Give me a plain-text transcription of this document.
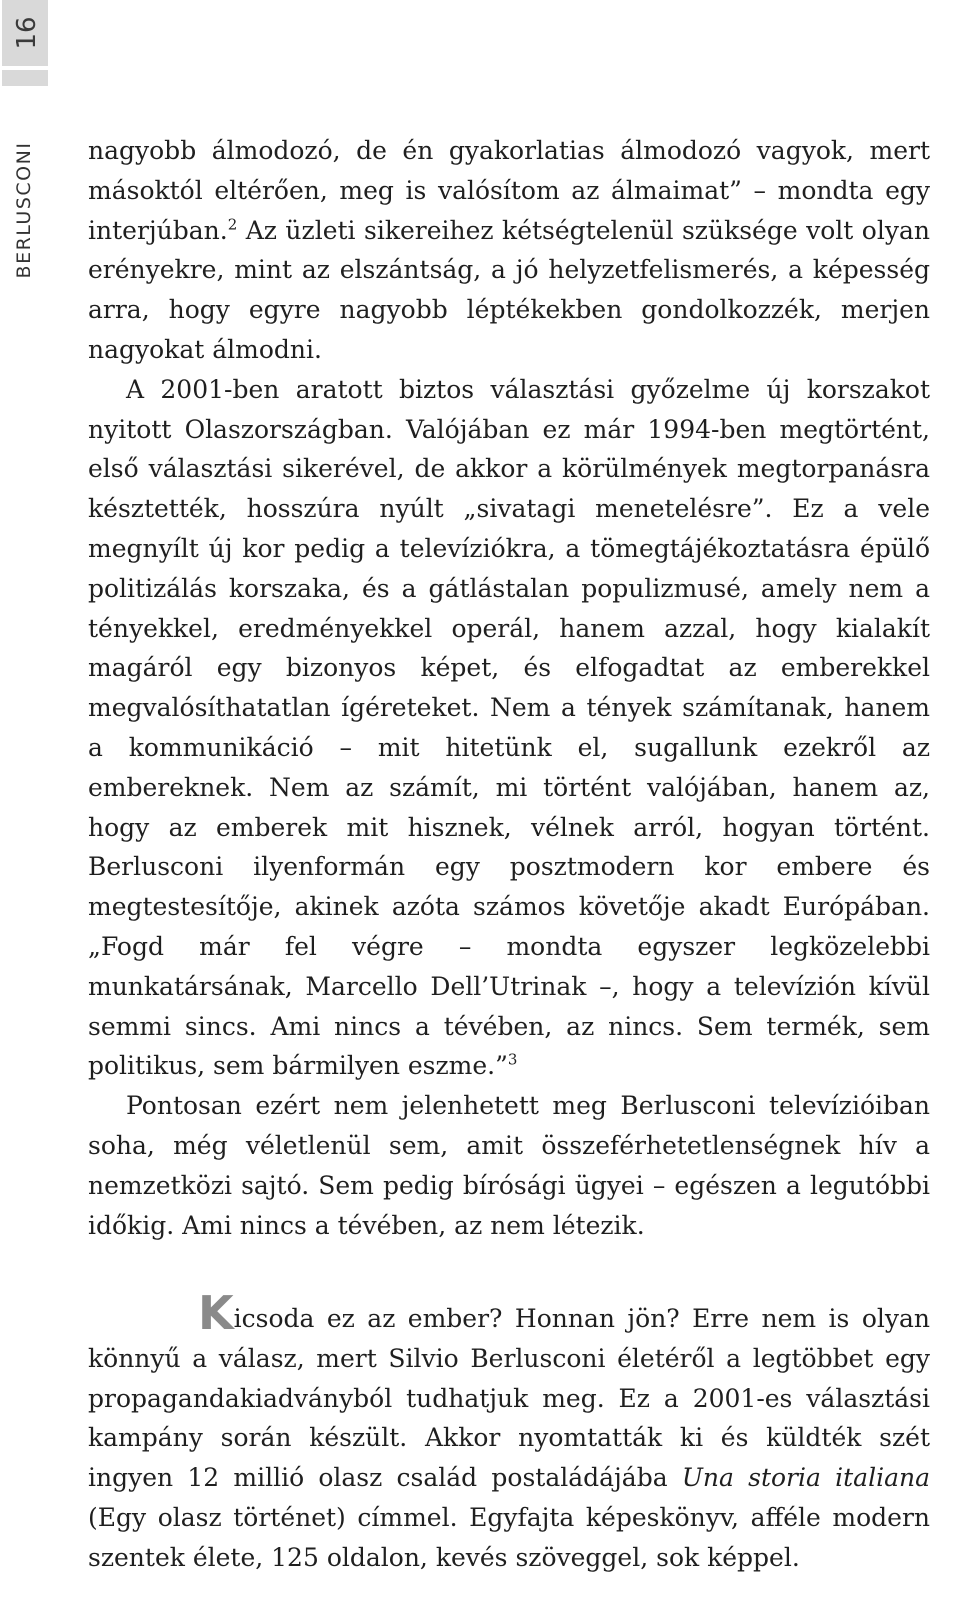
16
BERLUSCONI nagyobb álmodozó, de én gyakorlatias álmodozó vagyok, mert másoktól eltérően, meg is valósítom az álmaimat” – mondta egy interjúban.$^2$ Az üzleti sikereihez kétségtelenül szüksége volt olyan erényekre, mint az elszántság, a jó helyzetfelismerés, a képesség arra, hogy egyre nagyobb léptékekben gondolkozzék, merjen nagyokat álmodni.

A 2001-ben aratott biztos választási győzelme új korszakot nyitott Olaszországban. Valójában ez már 1994-ben megtörtént, első választási sikerével, de akkor a körülmények megtorpanásra késztették, hosszúra nyúlt „sivatagi menetelésre”. Ez a vele megnyílt új kor pedig a televíziókra, a tömegtájékoztatásra épülő politizálás korszaka, és a gátlástalan populizmusé, amely nem a tényekkel, eredményekkel operál, hanem azzal, hogy kialakít magáról egy bizonyos képet, és elfogadtat az emberekkel megvalósíthatatlan ígéreteket. Nem a tények számítanak, hanem a kommunikáció – mit hitetünk el, sugallunk ezekről az embereknek. Nem az számít, mi történt valójában, hanem az, hogy az emberek mit hisznek, vélnek arról, hogyan történt. Berlusconi ilyenformán egy posztmodern kor embere és megtestesítője, akinek azóta számos követője akadt Európában. „Fogd már fel végre – mondta egyszer legközelebbi munkatársának, Marcello Dell’Utrinak –, hogy a televízión kívül semmi sincs. Ami nincs a tévében, az nincs. Sem termék, sem politikus, sem bármilyen eszme.”$^3$

Pontosan ezért nem jelenhetett meg Berlusconi televízióiban soha, még véletlenül sem, amit összeférhetetlenségnek hív a nemzetközi sajtó. Sem pedig bírósági ügyei – egészen a legutóbbi időkig. Ami nincs a tévében, az nem létezik.

Kicsoda ez az ember? Honnan jön? Erre nem is olyan könnyű a válasz, mert Silvio Berlusconi életéről a legtöbbet egy propagandakiadványból tudhatjuk meg. Ez a 2001-es választási kampány során készült. Akkor nyomtatták ki és küldték szét ingyen 12 millió olasz család postaládájába Una storia italiana (Egy olasz történet) címmel. Egyfajta képeskönyv, afféle modern szentek élete, 125 oldalon, kevés szöveggel, sok képpel.
